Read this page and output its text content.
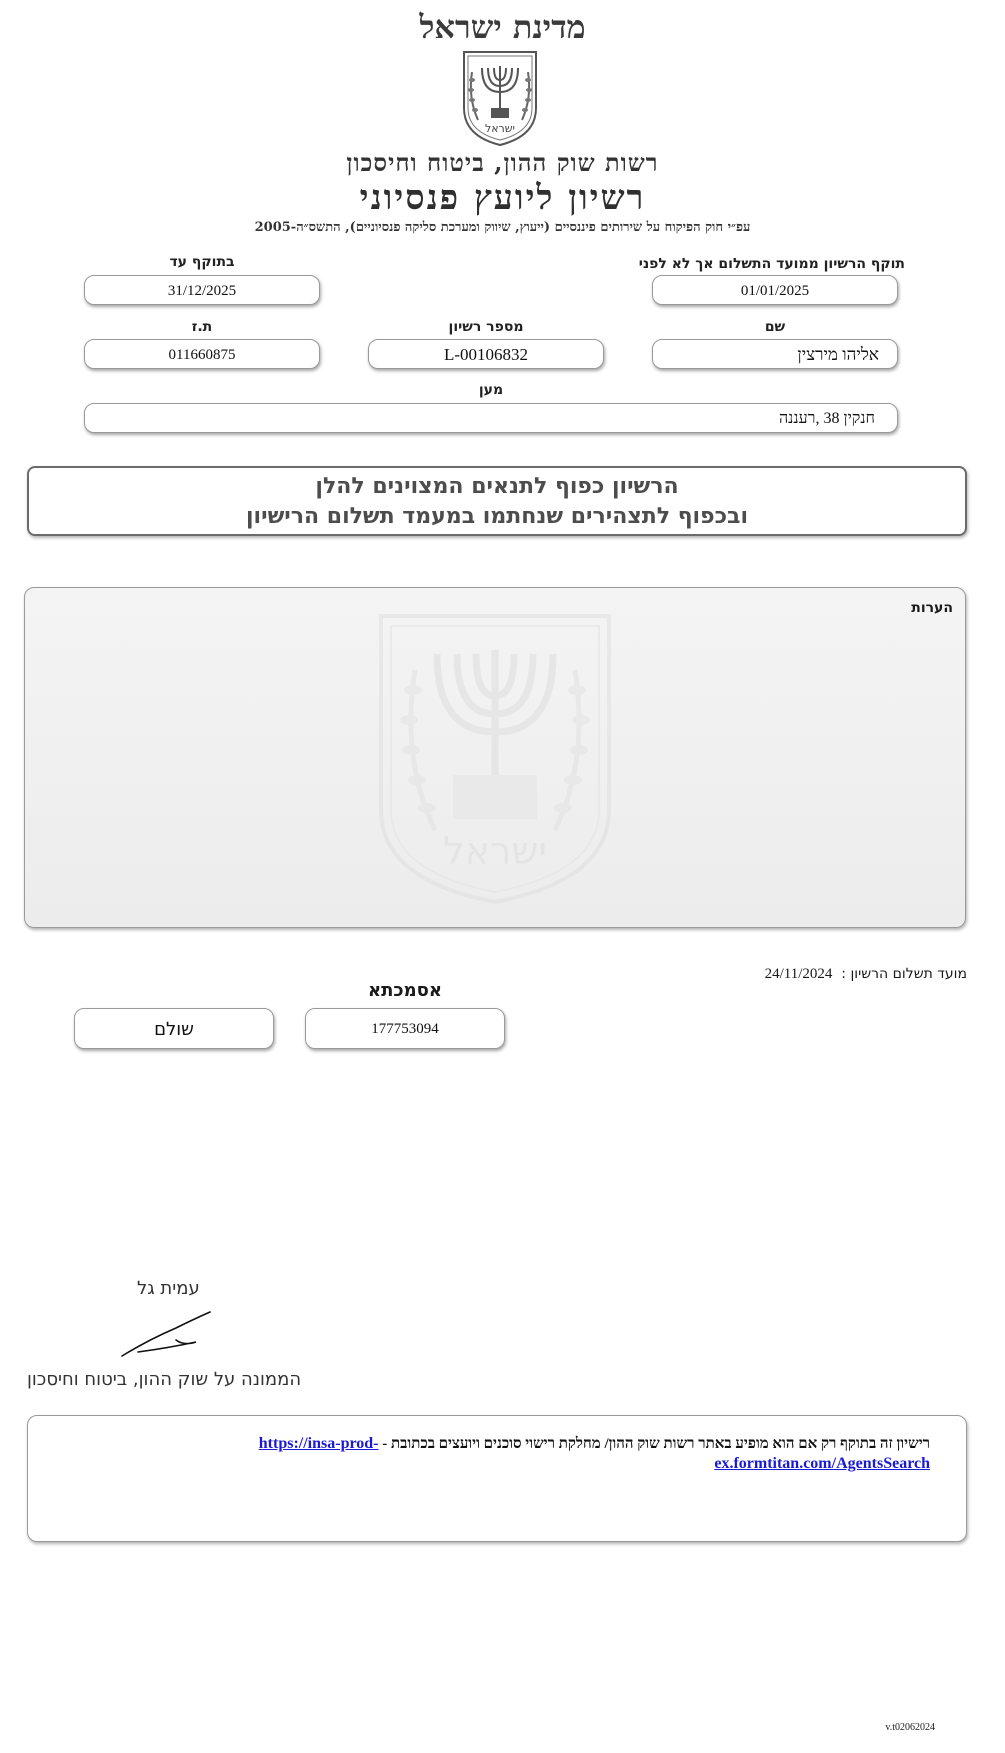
מדינת ישראל
ישראל
רשות שוק ההון, ביטוח וחיסכון
רשיון ליועץ פנסיוני
עפ״י חוק הפיקוח על שירותים פיננסיים (ייעוץ, שיווק ומערכת סליקה פנסיוניים), התשס״ה-2005
תוקף הרשיון ממועד התשלום אך לא לפני
01/01/2025
בתוקף עד
31/12/2025
שם
אליהו מירצין
מספר רשיון
L-00106832
ת.ז
011660875
מען
חנקין 38 ,רעננה
הרשיון כפוף לתנאים המצוינים להלן
ובכפוף לתצהירים שנחתמו במעמד תשלום הרישיון
הערות
ישראל
מועד תשלום הרשיון :  24/11/2024
אסמכתא
177753094
שולם
עמית גל
הממונה על שוק ההון, ביטוח וחיסכון
רישיון זה בתוקף רק אם הוא מופיע באתר רשות שוק ההון/ מחלקת רישוי סוכנים ויועצים בכתובת - https://insa-prod-ex.formtitan.com/AgentsSearch
v.t02062024
